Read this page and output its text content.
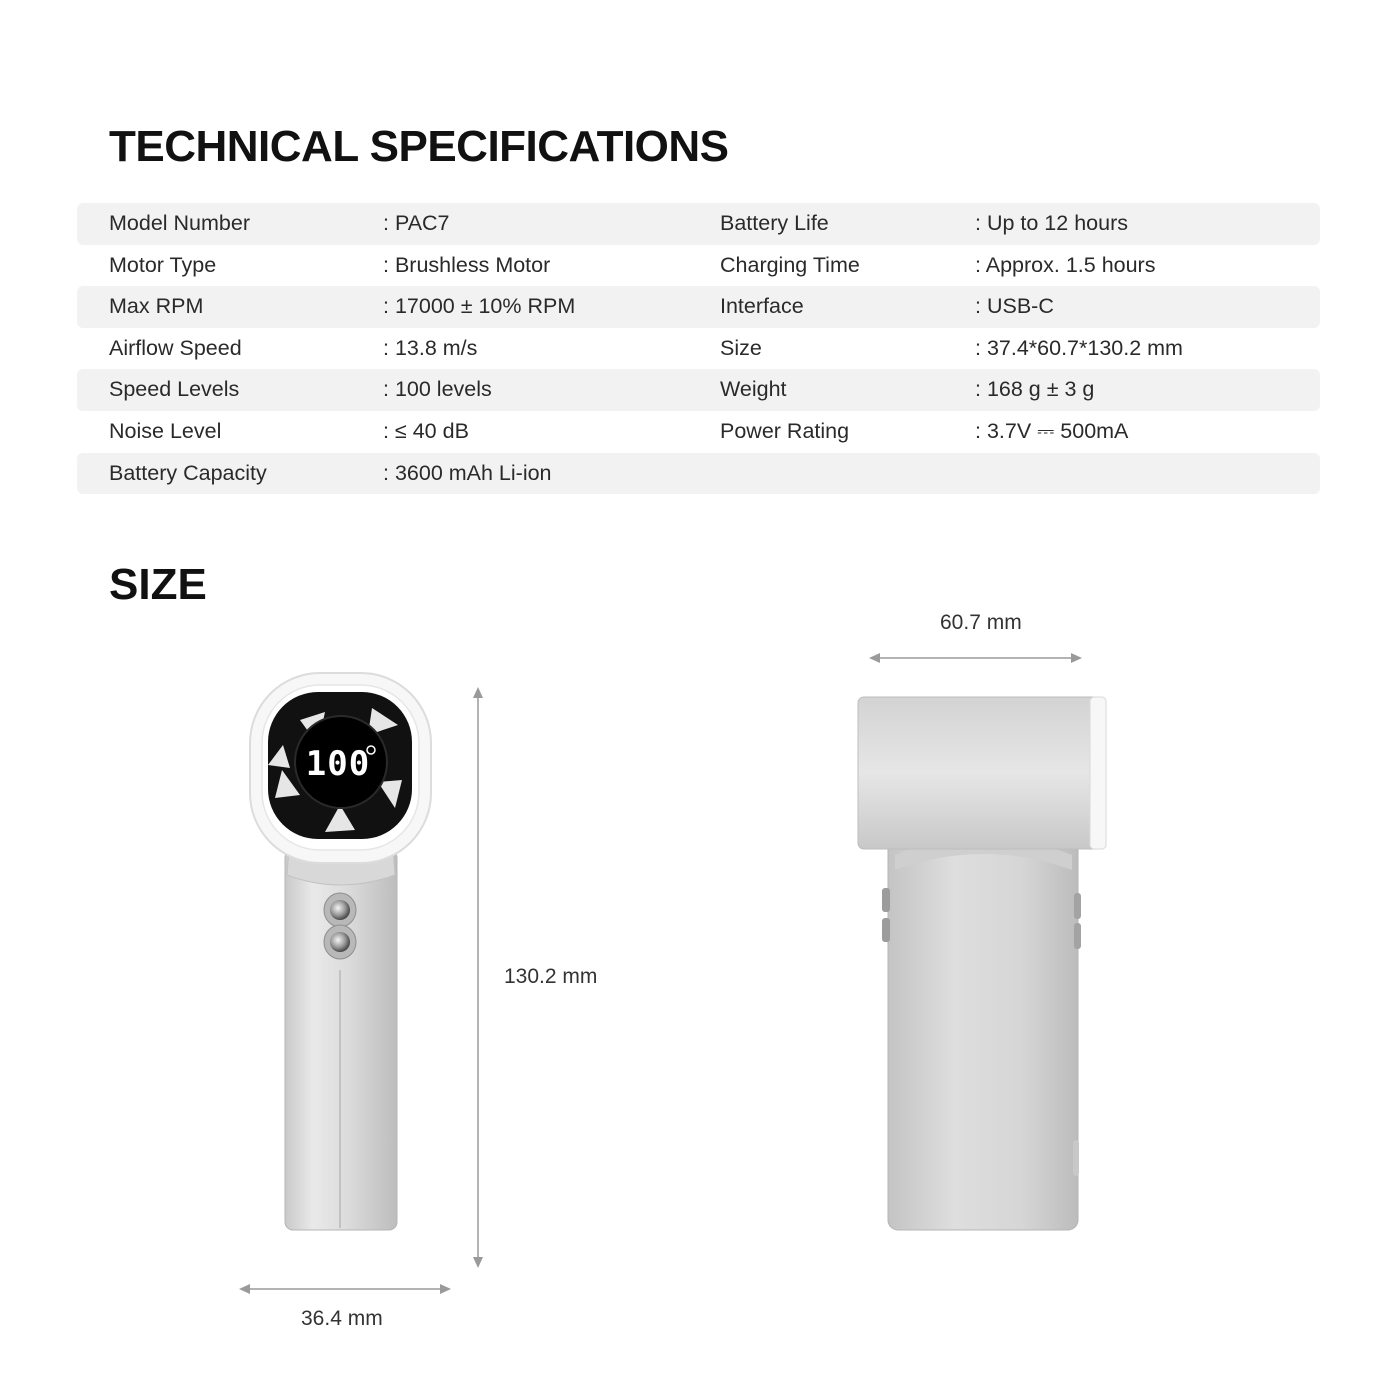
TECHNICAL SPECIFICATIONS
Model Number	: PAC7	Battery Life	: Up to 12 hours
Motor Type	: Brushless Motor	Charging Time	: Approx. 1.5 hours
Max RPM	: 17000 ± 10% RPM	Interface	: USB-C
Airflow Speed	: 13.8 m/s	Size	: 37.4*60.7*130.2 mm
Speed Levels	: 100 levels	Weight	: 168 g ± 3 g
Noise Level	: ≤ 40 dB	Power Rating	: 3.7V ⎓ 500mA
Battery Capacity	: 3600 mAh Li-ion
SIZE
100
130.2 mm
36.4 mm
60.7 mm
